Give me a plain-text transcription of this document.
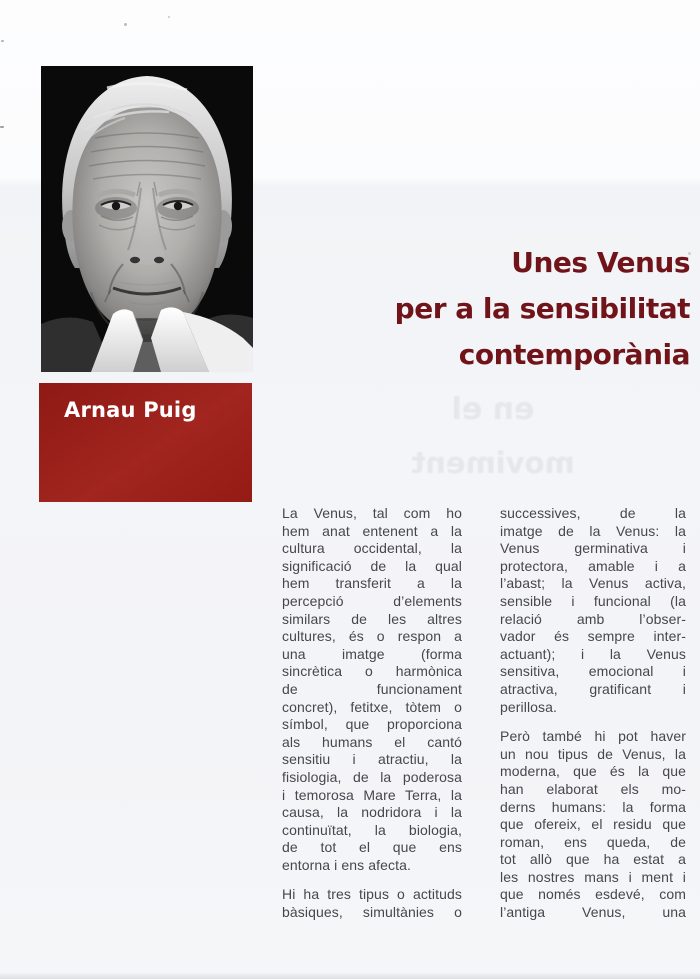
en el
moviment
Arnau Puig
Unes Venus
per a la sensibilitat
contemporània
La Venus, tal com ho
hem anat entenent a la
cultura occidental, la
significació de la qual
hem transferit a la
percepció d’elements
similars de les altres
cultures, és o respon a
una imatge (forma
sincrètica o harmònica
de funcionament
concret), fetitxe, tòtem o
símbol, que proporciona
als humans el cantó
sensitiu i atractiu, la
fisiologia, de la poderosa
i temorosa Mare Terra, la
causa, la nodridora i la
continuïtat, la biologia,
de tot el que ens
entorna i ens afecta.
Hi ha tres tipus o actituds
bàsiques, simultànies o
successives, de la
imatge de la Venus: la
Venus germinativa i
protectora, amable i a
l’abast; la Venus activa,
sensible i funcional (la
relació amb l’obser-
vador és sempre inter-
actuant); i la Venus
sensitiva, emocional i
atractiva, gratificant i
perillosa.
Però també hi pot haver
un nou tipus de Venus, la
moderna, que és la que
han elaborat els mo-
derns humans: la forma
que ofereix, el residu que
roman, ens queda, de
tot allò que ha estat a
les nostres mans i ment i
que només esdevé, com
l’antiga Venus, una
